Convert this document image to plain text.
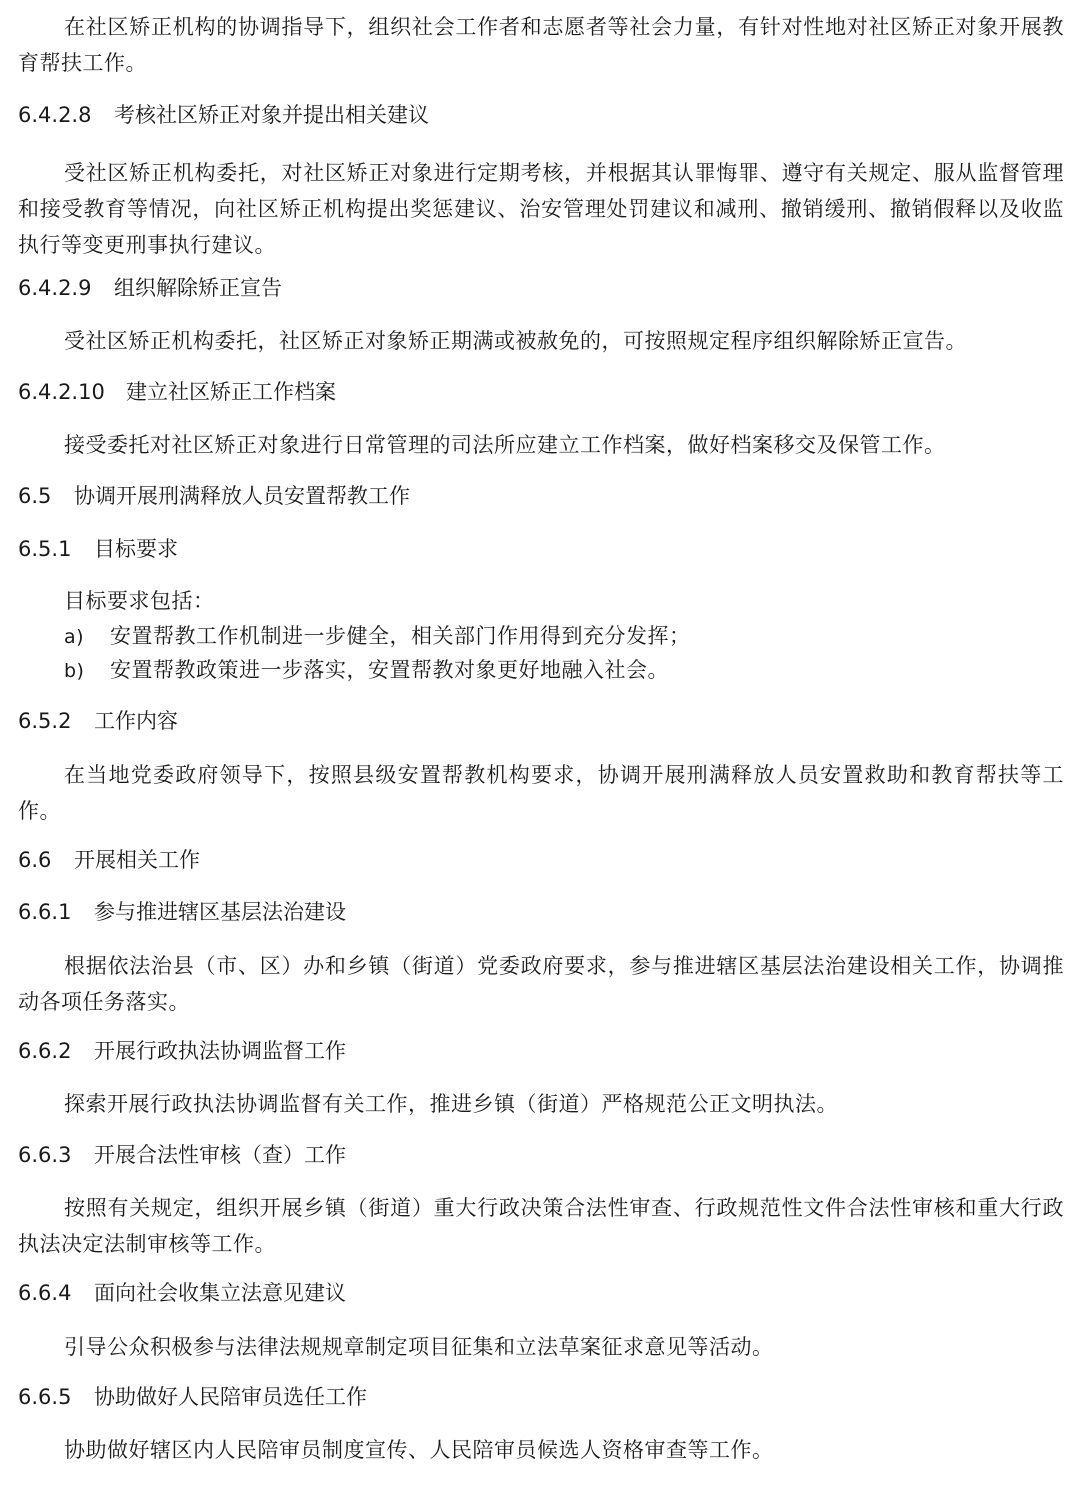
在社区矫正机构的协调指导下，组织社会工作者和志愿者等社会力量，有针对性地对社区矫正对象开展教育帮扶工作。
6.4.2.8 考核社区矫正对象并提出相关建议
受社区矫正机构委托，对社区矫正对象进行定期考核，并根据其认罪悔罪、遵守有关规定、服从监督管理和接受教育等情况，向社区矫正机构提出奖惩建议、治安管理处罚建议和减刑、撤销缓刑、撤销假释以及收监执行等变更刑事执行建议。
6.4.2.9 组织解除矫正宣告
受社区矫正机构委托，社区矫正对象矫正期满或被赦免的，可按照规定程序组织解除矫正宣告。
6.4.2.10 建立社区矫正工作档案
接受委托对社区矫正对象进行日常管理的司法所应建立工作档案，做好档案移交及保管工作。
6.5 协调开展刑满释放人员安置帮教工作
6.5.1 目标要求
目标要求包括：
a) 安置帮教工作机制进一步健全，相关部门作用得到充分发挥；
b) 安置帮教政策进一步落实，安置帮教对象更好地融入社会。
6.5.2 工作内容
在当地党委政府领导下，按照县级安置帮教机构要求，协调开展刑满释放人员安置救助和教育帮扶等工作。
6.6 开展相关工作
6.6.1 参与推进辖区基层法治建设
根据依法治县（市、区）办和乡镇（街道）党委政府要求，参与推进辖区基层法治建设相关工作，协调推动各项任务落实。
6.6.2 开展行政执法协调监督工作
探索开展行政执法协调监督有关工作，推进乡镇（街道）严格规范公正文明执法。
6.6.3 开展合法性审核（查）工作
按照有关规定，组织开展乡镇（街道）重大行政决策合法性审查、行政规范性文件合法性审核和重大行政执法决定法制审核等工作。
6.6.4 面向社会收集立法意见建议
引导公众积极参与法律法规规章制定项目征集和立法草案征求意见等活动。
6.6.5 协助做好人民陪审员选任工作
协助做好辖区内人民陪审员制度宣传、人民陪审员候选人资格审查等工作。
